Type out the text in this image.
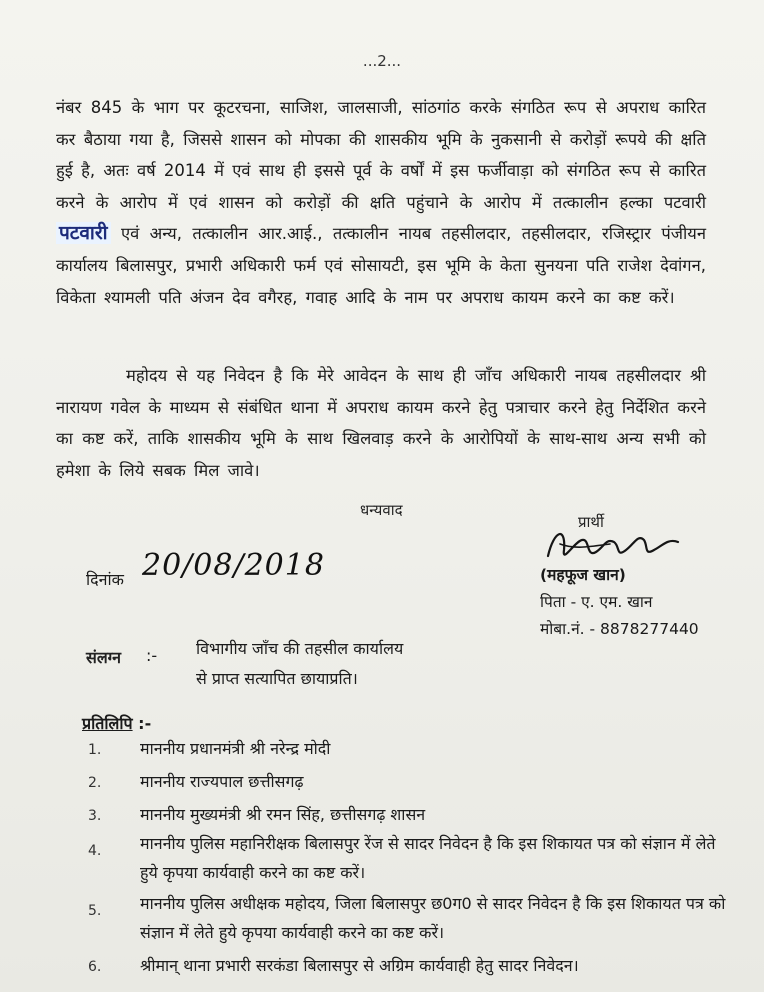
...2...
नंबर 845 के भाग पर कूटरचना, साजिश, जालसाजी, सांठगांठ करके संगठित रूप से अपराध कारित कर बैठाया गया है, जिससे शासन को मोपका की शासकीय भूमि के नुकसानी से करोड़ों रूपये की क्षति हुई है, अतः वर्ष 2014 में एवं साथ ही इससे पूर्व के वर्षों में इस फर्जीवाड़ा को संगठित रूप से कारित करने के आरोप में एवं शासन को करोड़ों की क्षति पहुंचाने के आरोप में तत्कालीन हल्का पटवारी पटवारी एवं अन्य, तत्कालीन आर.आई., तत्कालीन नायब तहसीलदार, तहसीलदार, रजिस्ट्रार पंजीयन कार्यालय बिलासपुर, प्रभारी अधिकारी फर्म एवं सोसायटी, इस भूमि के केता सुनयना पति राजेश देवांगन, विकेता श्यामली पति अंजन देव वगैरह, गवाह आदि के नाम पर अपराध कायम करने का कष्ट करें।
महोदय से यह निवेदन है कि मेरे आवेदन के साथ ही जाँच अधिकारी नायब तहसीलदार श्री नारायण गवेल के माध्यम से संबंधित थाना में अपराध कायम करने हेतु पत्राचार करने हेतु निर्देशित करने का कष्ट करें, ताकि शासकीय भूमि के साथ खिलवाड़ करने के आरोपियों के साथ-साथ अन्य सभी को हमेशा के लिये सबक मिल जावे।
धन्यवाद
प्रार्थी
दिनांक 20/08/2018	(महफूज खान)
पिता - ए. एम. खान
मोबा.नं. - 8878277440
संलग्न :- विभागीय जाँच की तहसील कार्यालय
से प्राप्त सत्यापित छायाप्रति।
प्रतिलिपि :-
1. माननीय प्रधानमंत्री श्री नरेन्द्र मोदी
2. माननीय राज्यपाल छत्तीसगढ़
3. माननीय मुख्यमंत्री श्री रमन सिंह, छत्तीसगढ़ शासन
4. माननीय पुलिस महानिरीक्षक बिलासपुर रेंज से सादर निवेदन है कि इस शिकायत पत्र को संज्ञान में लेते हुये कृपया कार्यवाही करने का कष्ट करें।
5. माननीय पुलिस अधीक्षक महोदय, जिला बिलासपुर छ0ग0 से सादर निवेदन है कि इस शिकायत पत्र को संज्ञान में लेते हुये कृपया कार्यवाही करने का कष्ट करें।
6. श्रीमान् थाना प्रभारी सरकंडा बिलासपुर से अग्रिम कार्यवाही हेतु सादर निवेदन।
